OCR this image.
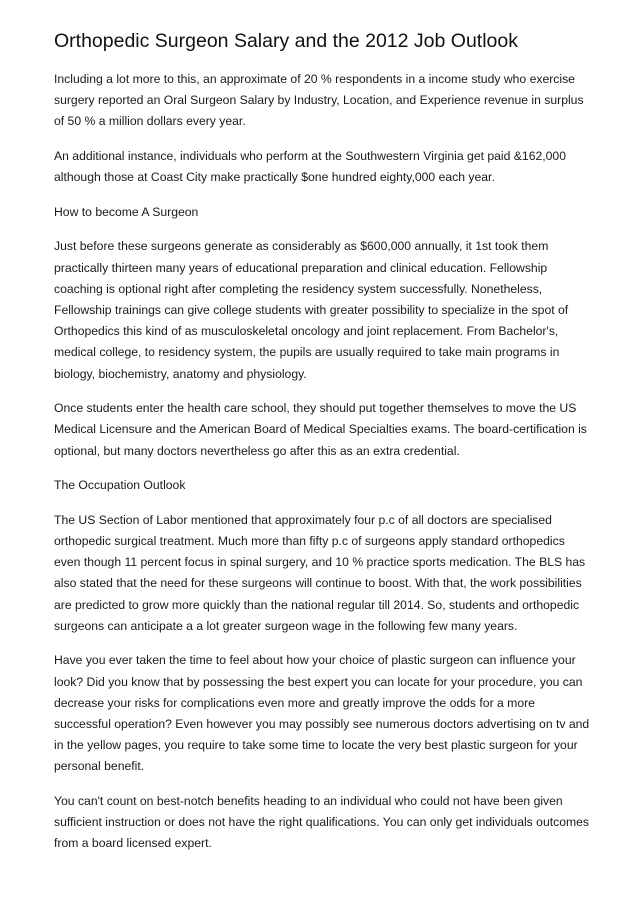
Orthopedic Surgeon Salary and the 2012 Job Outlook

Including a lot more to this, an approximate of 20 % respondents in a income study who exercise surgery reported an Oral Surgeon Salary by Industry, Location, and Experience revenue in surplus of 50 % a million dollars every year.

An additional instance, individuals who perform at the Southwestern Virginia get paid &162,000 although those at Coast City make practically $one hundred eighty,000 each year.

How to become A Surgeon

Just before these surgeons generate as considerably as $600,000 annually, it 1st took them practically thirteen many years of educational preparation and clinical education. Fellowship coaching is optional right after completing the residency system successfully. Nonetheless, Fellowship trainings can give college students with greater possibility to specialize in the spot of Orthopedics this kind of as musculoskeletal oncology and joint replacement. From Bachelor's, medical college, to residency system, the pupils are usually required to take main programs in biology, biochemistry, anatomy and physiology.

Once students enter the health care school, they should put together themselves to move the US Medical Licensure and the American Board of Medical Specialties exams. The board-certification is optional, but many doctors nevertheless go after this as an extra credential.

The Occupation Outlook

The US Section of Labor mentioned that approximately four p.c of all doctors are specialised orthopedic surgical treatment. Much more than fifty p.c of surgeons apply standard orthopedics even though 11 percent focus in spinal surgery, and 10 % practice sports medication. The BLS has also stated that the need for these surgeons will continue to boost. With that, the work possibilities are predicted to grow more quickly than the national regular till 2014. So, students and orthopedic surgeons can anticipate a a lot greater surgeon wage in the following few many years.

Have you ever taken the time to feel about how your choice of plastic surgeon can influence your look? Did you know that by possessing the best expert you can locate for your procedure, you can decrease your risks for complications even more and greatly improve the odds for a more successful operation? Even however you may possibly see numerous doctors advertising on tv and in the yellow pages, you require to take some time to locate the very best plastic surgeon for your personal benefit.

You can't count on best-notch benefits heading to an individual who could not have been given sufficient instruction or does not have the right qualifications. You can only get individuals outcomes from a board licensed expert.
